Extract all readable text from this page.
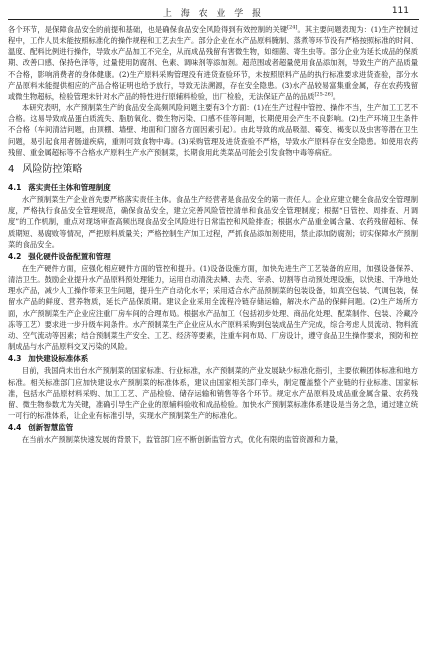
上 海 农 业 学 报	111

各个环节，是保障食品安全的前提和基础，也是确保食品安全风险得到有效控制的关键[24]。其主要问题表现为：(1)生产控制过程中，工作人员未能按照标准化的操作规程和工艺去生产。部分企业在水产品原料腌制、蒸煮等环节没有严格按照标准的时间、温度、配料比例进行操作，导致水产品加工不完全，从而成品残留有害微生物，如细菌、寄生虫等。部分企业为延长成品的保质期、改善口感、保持色泽等，过量使用防腐剂、色素、调味剂等添加剂。超范围或者超量使用食品添加剂，导致生产的产品质量不合格，影响消费者的身体健康。(2)生产原料采购管理没有进货查验环节，未按照原料产品的执行标准要求进货查验，部分水产品原料未能提供相应的产品合格证明也给予放行，导致无法溯源，存在安全隐患。(3)水产品较易富集重金属，存在农药残留或微生物超标，检验管理未针对水产品的特性进行原辅料检验，出厂检验，无法保证产品的品质[25-26]。

本研究表明，水产预制菜生产的食品安全高频风险问题主要有3个方面：(1)在生产过程中管控、操作不当，生产加工工艺不合格。这易导致成品蛋白质流失、脂肪氧化、微生物污染、口感不佳等问题，长期使用会产生不良影响。(2)生产环境卫生条件不合格（车间清洁问题，由顶棚、墙壁、地面和门窗各方面因素引起）。由此导致的成品吸湿、霉变、褐变以及虫害等潜在卫生问题，易引起食用者肠道疾病，重则可致食物中毒。(3)采购管理及进货查验不严格，导致水产原料存在安全隐患。如使用农药残留、重金属超标等不合格水产原料生产水产预制菜，长期食用此类菜品可能会引发食物中毒等病症。

4 风险防控策略
4.1 落实责任主体和管理制度

水产预制菜生产企业首先要严格落实责任主体。食品生产经营者是食品安全的第一责任人。企业应建立健全食品安全管理制度，严格执行食品安全管理规范，确保食品安全，建立完善风险管控清单和食品安全管理制度；根据“日管控、周排查、月调度”的工作机制，重点对现场审查高频出现食品安全风险进行日常监控和风险排查；根据水产品重金属含量、农药残留超标、保质期短、易腐败等情况，严把原料质量关；严格控制生产加工过程，严抓食品添加剂使用，禁止添加防腐剂；切实保障水产预制菜的食品安全。

4.2 强化硬件设备配置和管理

在生产硬件方面，应强化相应硬件方面的管控和提升。(1)设备设施方面，加快先进生产工艺装备的应用，加强设备保养、清洁卫生。鼓励企业提升水产品原料预处理能力，运用自动清洗去鳞、去壳、宰杀、切割等自动预处理设施，以快速、干净地处理水产品，减少人工操作带来卫生问题，提升生产自动化水平；采用适合水产品预制菜的包装设备，如真空包装、气调包装，保留水产品的鲜度、营养物质，延长产品保质期。建议企业采用全流程冷链存储运输，解决水产品的保鲜问题。(2)生产场所方面，水产预制菜生产企业应注重厂房车间的合理布局。根据水产品加工（包括初步处理、商品化处理、配菜制作、包装、冷藏冷冻等工艺）要求进一步升级车间条件。水产预制菜生产企业应从水产原料采购到包装成品生产完成，综合考虑人员流动、物料流动、空气流动等因素；结合预制菜生产安全、工艺、经济等要素，注重车间布局、厂房设计，遵守食品卫生操作要求，预防和控制成品与水产品原料交叉污染的风险。

4.3 加快建设标准体系

目前，我国尚未出台水产预制菜的国家标准、行业标准，水产预制菜的产业发展缺少标准化指引，主要依赖团体标准和地方标准。相关标准部门应加快建设水产预制菜的标准体系，建议由国家相关部门牵头，制定覆盖整个产业链的行业标准、国家标准，包括水产品原材料采购、加工工艺、产品检验、储存运输和销售等各个环节。规定水产品原料及成品重金属含量、农药残留、微生物参数尤为关键，准确引导生产企业的原辅料验收和成品检验。加快水产预制菜标准体系建设是当务之急，通过建立统一可行的标准体系，让企业有标准引导，实现水产预制菜生产的标准化。

4.4 创新智慧监管

在当前水产预制菜快速发展的背景下，监管部门应不断创新监管方式，优化有限的监管资源和力量，
